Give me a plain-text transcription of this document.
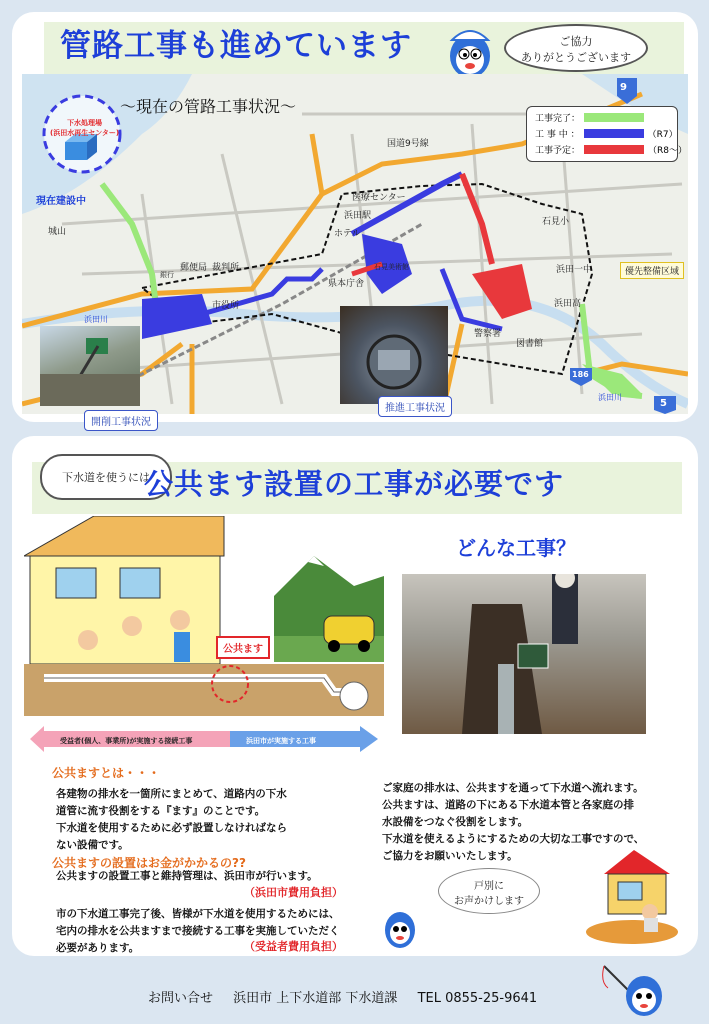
管路工事も進めています	ご協力
ありがとうございます
〜現在の管路工事状況〜
下水処理場
(浜田水再生センター)
現在建設中
9
186
5
国道9号線
医療センター
浜田駅
ホテル
銀行
郵便局 裁判所
市役所
県本庁舎
石見美術館
石見小
浜田一中
浜田高
警察署
図書館
城山
浜田川
浜田川
優先整備区域
工事完了：
工 事 中 ：	（R7）
工事予定：	（R8〜）
開削工事状況
推進工事状況
下水道を使うには
公共ます設置の工事が必要です
公共ます
受益者(個人、事業所)が実施する接続工事	浜田市が実施する工事
公共ますとは・・・
各建物の排水を一箇所にまとめて、道路内の下水
道管に流す役割をする『ます』のことです。
下水道を使用するために必ず設置しなければなら
ない設備です。
公共ますの設置はお金がかかるの??
公共ますの設置工事と維持管理は、浜田市が行います。
（浜田市費用負担）
市の下水道工事完了後、皆様が下水道を使用するためには、
宅内の排水を公共ますまで接続する工事を実施していただく
必要があります。	（受益者費用負担）
どんな工事？
ご家庭の排水は、公共ますを通って下水道へ流れます。
公共ますは、道路の下にある下水道本管と各家庭の排
水設備をつなぐ役割をします。
下水道を使えるようにするための大切な工事ですので、
ご協力をお願いいたします。
戸別に
お声かけします
お問い合せ 浜田市 上下水道部 下水道課 TEL 0855-25-9641
